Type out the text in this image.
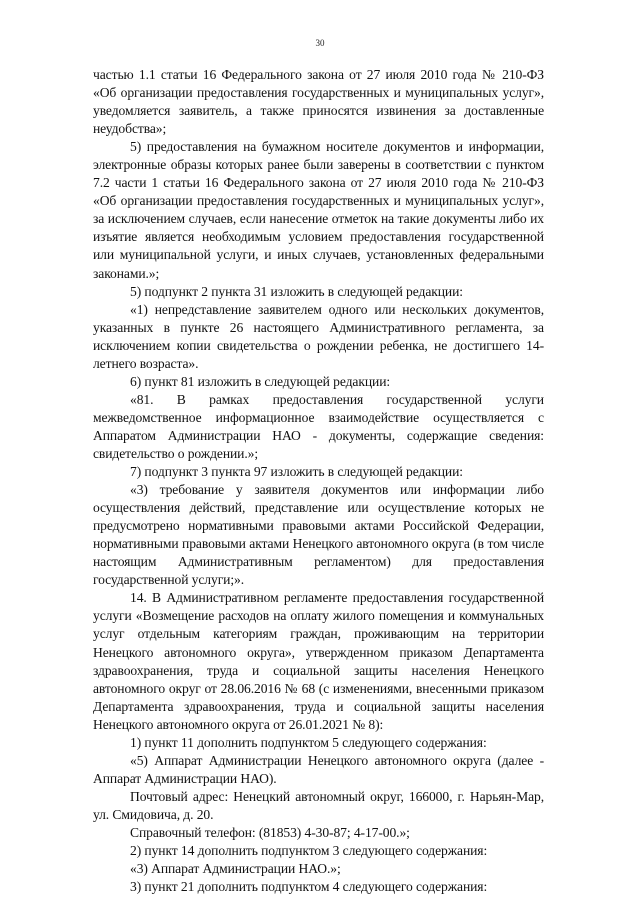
30

частью 1.1 статьи 16 Федерального закона от 27 июля 2010 года № 210-ФЗ «Об организации предоставления государственных и муниципальных услуг», уведомляется заявитель, а также приносятся извинения за доставленные неудобства»;

5) предоставления на бумажном носителе документов и информации, электронные образы которых ранее были заверены в соответствии с пунктом 7.2 части 1 статьи 16 Федерального закона от 27 июля 2010 года № 210-ФЗ «Об организации предоставления государственных и муниципальных услуг», за исключением случаев, если нанесение отметок на такие документы либо их изъятие является необходимым условием предоставления государственной или муниципальной услуги, и иных случаев, установленных федеральными законами.»;

5) подпункт 2 пункта 31 изложить в следующей редакции:

«1) непредставление заявителем одного или нескольких документов, указанных в пункте 26 настоящего Административного регламента, за исключением копии свидетельства о рождении ребенка, не достигшего 14-летнего возраста».

6) пункт 81 изложить в следующей редакции:

«81. В рамках предоставления государственной услуги межведомственное информационное взаимодействие осуществляется с Аппаратом Администрации НАО - документы, содержащие сведения: свидетельство о рождении.»;

7) подпункт 3 пункта 97 изложить в следующей редакции:

«3) требование у заявителя документов или информации либо осуществления действий, представление или осуществление которых не предусмотрено нормативными правовыми актами Российской Федерации, нормативными правовыми актами Ненецкого автономного округа (в том числе настоящим Административным регламентом) для предоставления государственной услуги;».

14. В Административном регламенте предоставления государственной услуги «Возмещение расходов на оплату жилого помещения и коммунальных услуг отдельным категориям граждан, проживающим на территории Ненецкого автономного округа», утвержденном приказом Департамента здравоохранения, труда и социальной защиты населения Ненецкого автономного округ от 28.06.2016 № 68 (с изменениями, внесенными приказом Департамента здравоохранения, труда и социальной защиты населения Ненецкого автономного округа от 26.01.2021 № 8):

1) пункт 11 дополнить подпунктом 5 следующего содержания:

«5) Аппарат Администрации Ненецкого автономного округа (далее - Аппарат Администрации НАО).

Почтовый адрес: Ненецкий автономный округ, 166000, г. Нарьян-Мар, ул. Смидовича, д. 20.

Справочный телефон: (81853) 4-30-87; 4-17-00.»;

2) пункт 14 дополнить подпунктом 3 следующего содержания:

«3) Аппарат Администрации НАО.»;

3) пункт 21 дополнить подпунктом 4 следующего содержания:
